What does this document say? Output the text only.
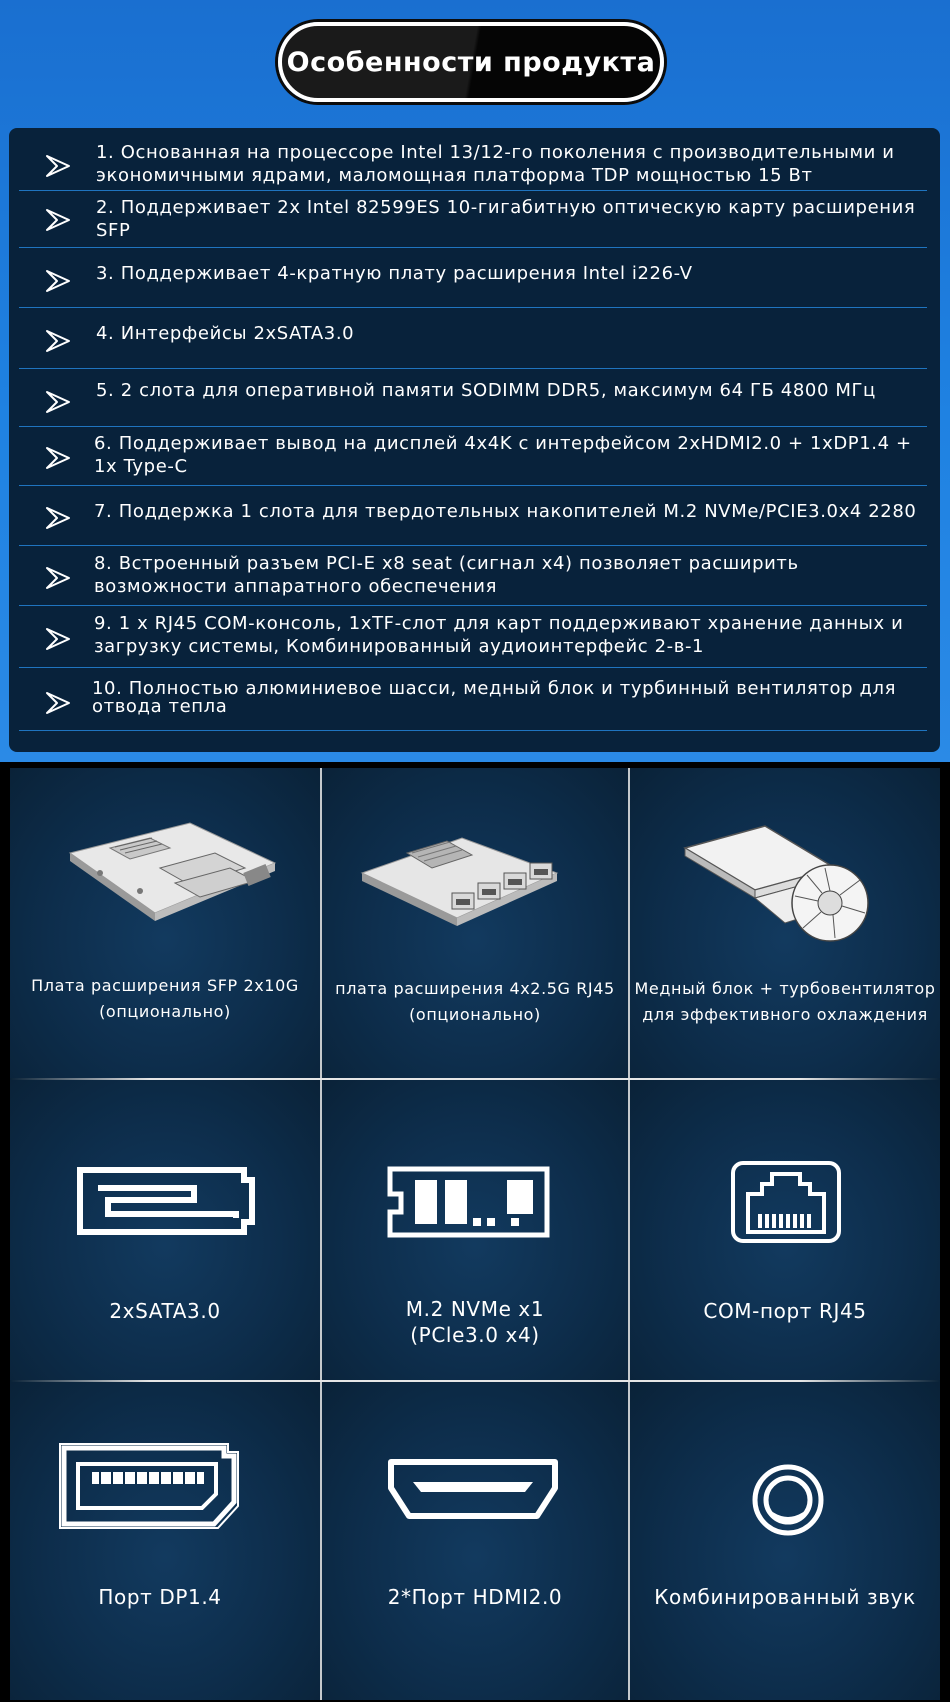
Особенности продукта
1. Основанная на процессоре Intel 13/12-го поколения с производительными и экономичными ядрами, маломощная платформа TDP мощностью 15 Вт
2. Поддерживает 2x Intel 82599ES 10-гигабитную оптическую карту расширения SFP
3. Поддерживает 4-кратную плату расширения Intel i226-V
4. Интерфейсы 2xSATA3.0
5. 2 слота для оперативной памяти SODIMM DDR5, максимум 64 ГБ 4800 МГц
6. Поддерживает вывод на дисплей 4x4K с интерфейсом 2xHDMI2.0 + 1xDP1.4 + 1x Type-C
7. Поддержка 1 слота для твердотельных накопителей M.2 NVMe/PCIE3.0x4 2280
8. Встроенный разъем PCI-E x8 seat (сигнал x4) позволяет расширить возможности аппаратного обеспечения
9. 1 x RJ45 COM-консоль, 1xTF-слот для карт поддерживают хранение данных и загрузку системы, Комбинированный аудиоинтерфейс 2-в-1
10. Полностью алюминиевое шасси, медный блок и турбинный вентилятор для отвода тепла
Плата расширения SFP 2x10G
(опционально)
плата расширения 4x2.5G RJ45
(опционально)
Медный блок + турбовентилятор
для эффективного охлаждения
2xSATA3.0	M.2 NVMe x1
(PCle3.0 x4)
COM-порт RJ45
Порт DP1.4	2*Порт HDMI2.0	Комбинированный звук
